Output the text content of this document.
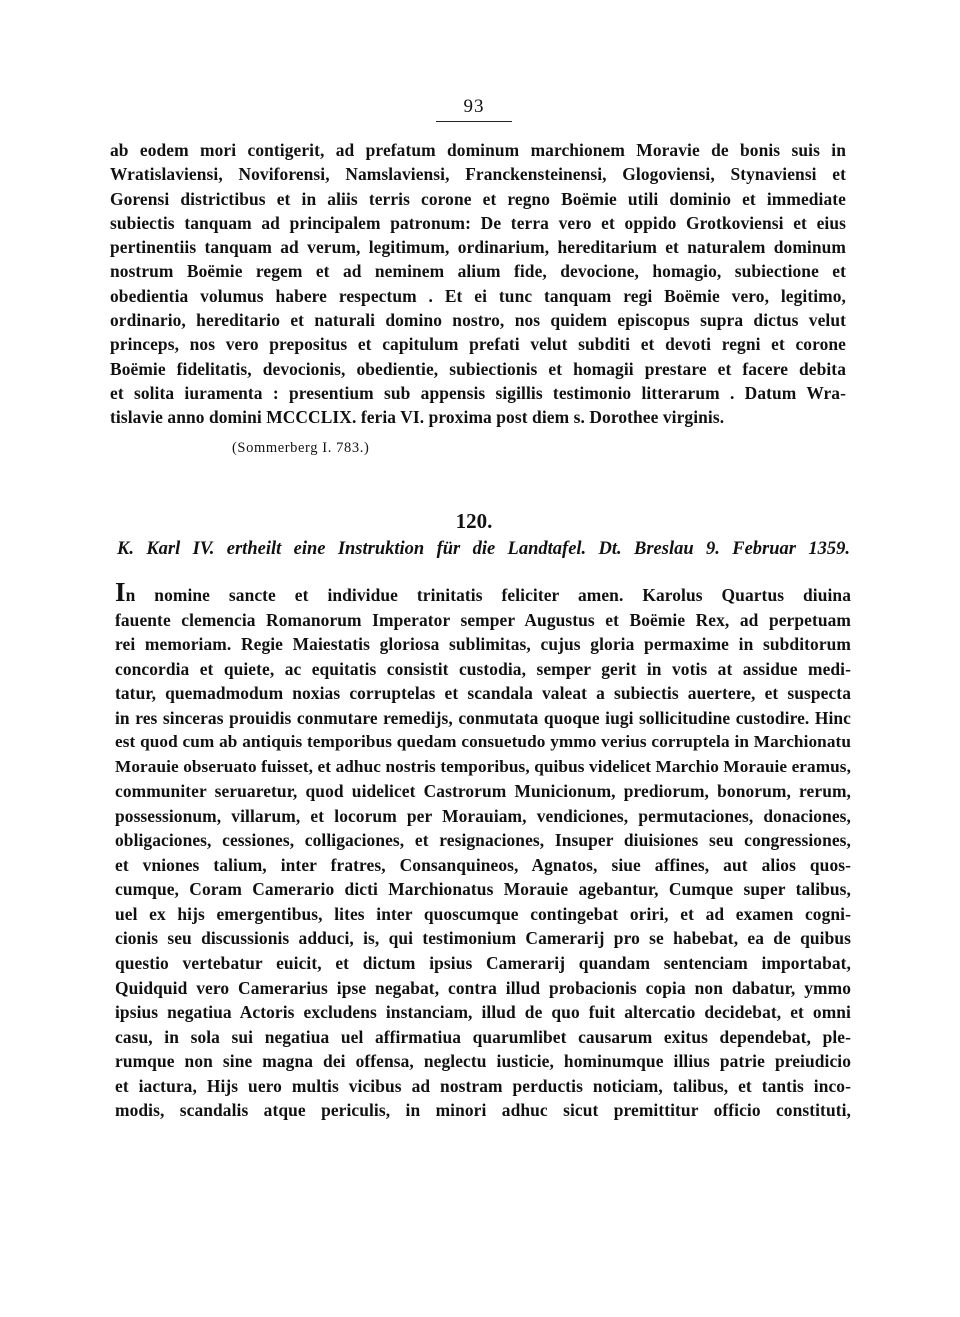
93
ab eodem mori contigerit, ad prefatum dominum marchionem Moravie de bonis suis in
Wratislaviensi, Noviforensi, Namslaviensi, Franckensteinensi, Glogoviensi, Stynaviensi et
Gorensi districtibus et in aliis terris corone et regno Boëmie utili dominio et immediate
subiectis tanquam ad principalem patronum: De terra vero et oppido Grotkoviensi et eius
pertinentiis tanquam ad verum, legitimum, ordinarium, hereditarium et naturalem dominum
nostrum Boëmie regem et ad neminem alium fide, devocione, homagio, subiectione et
obedientia volumus habere respectum . Et ei tunc tanquam regi Boëmie vero, legitimo,
ordinario, hereditario et naturali domino nostro, nos quidem episcopus supra dictus velut
princeps, nos vero prepositus et capitulum prefati velut subditi et devoti regni et corone
Boëmie fidelitatis, devocionis, obedientie, subiectionis et homagii prestare et facere debita
et solita iuramenta : presentium sub appensis sigillis testimonio litterarum . Datum Wra-
tislavie anno domini MCCCLIX. feria VI. proxima post diem s. Dorothee virginis.
(Sommerberg I. 783.)
120.
K. Karl IV. ertheilt eine Instruktion für die Landtafel. Dt. Breslau 9. Februar 1359.
In nomine sancte et individue trinitatis feliciter amen. Karolus Quartus diuina
fauente clemencia Romanorum Imperator semper Augustus et Boëmie Rex, ad perpetuam
rei memoriam. Regie Maiestatis gloriosa sublimitas, cujus gloria permaxime in subditorum
concordia et quiete, ac equitatis consistit custodia, semper gerit in votis at assidue medi-
tatur, quemadmodum noxias corruptelas et scandala valeat a subiectis auertere, et suspecta
in res sinceras prouidis conmutare remedijs, conmutata quoque iugi sollicitudine custodire. Hinc
est quod cum ab antiquis temporibus quedam consuetudo ymmo verius corruptela in Marchionatu
Morauie obseruato fuisset, et adhuc nostris temporibus, quibus videlicet Marchio Morauie eramus,
communiter seruaretur, quod uidelicet Castrorum Municionum, prediorum, bonorum, rerum,
possessionum, villarum, et locorum per Morauiam, vendiciones, permutaciones, donaciones,
obligaciones, cessiones, colligaciones, et resignaciones, Insuper diuisiones seu congressiones,
et vniones talium, inter fratres, Consanquineos, Agnatos, siue affines, aut alios quos-
cumque, Coram Camerario dicti Marchionatus Morauie agebantur, Cumque super talibus,
uel ex hijs emergentibus, lites inter quoscumque contingebat oriri, et ad examen cogni-
cionis seu discussionis adduci, is, qui testimonium Camerarij pro se habebat, ea de quibus
questio vertebatur euicit, et dictum ipsius Camerarij quandam sentenciam importabat,
Quidquid vero Camerarius ipse negabat, contra illud probacionis copia non dabatur, ymmo
ipsius negatiua Actoris excludens instanciam, illud de quo fuit altercatio decidebat, et omni
casu, in sola sui negatiua uel affirmatiua quarumlibet causarum exitus dependebat, ple-
rumque non sine magna dei offensa, neglectu iusticie, hominumque illius patrie preiudicio
et iactura, Hijs uero multis vicibus ad nostram perductis noticiam, talibus, et tantis inco-
modis, scandalis atque periculis, in minori adhuc sicut premittitur officio constituti,
